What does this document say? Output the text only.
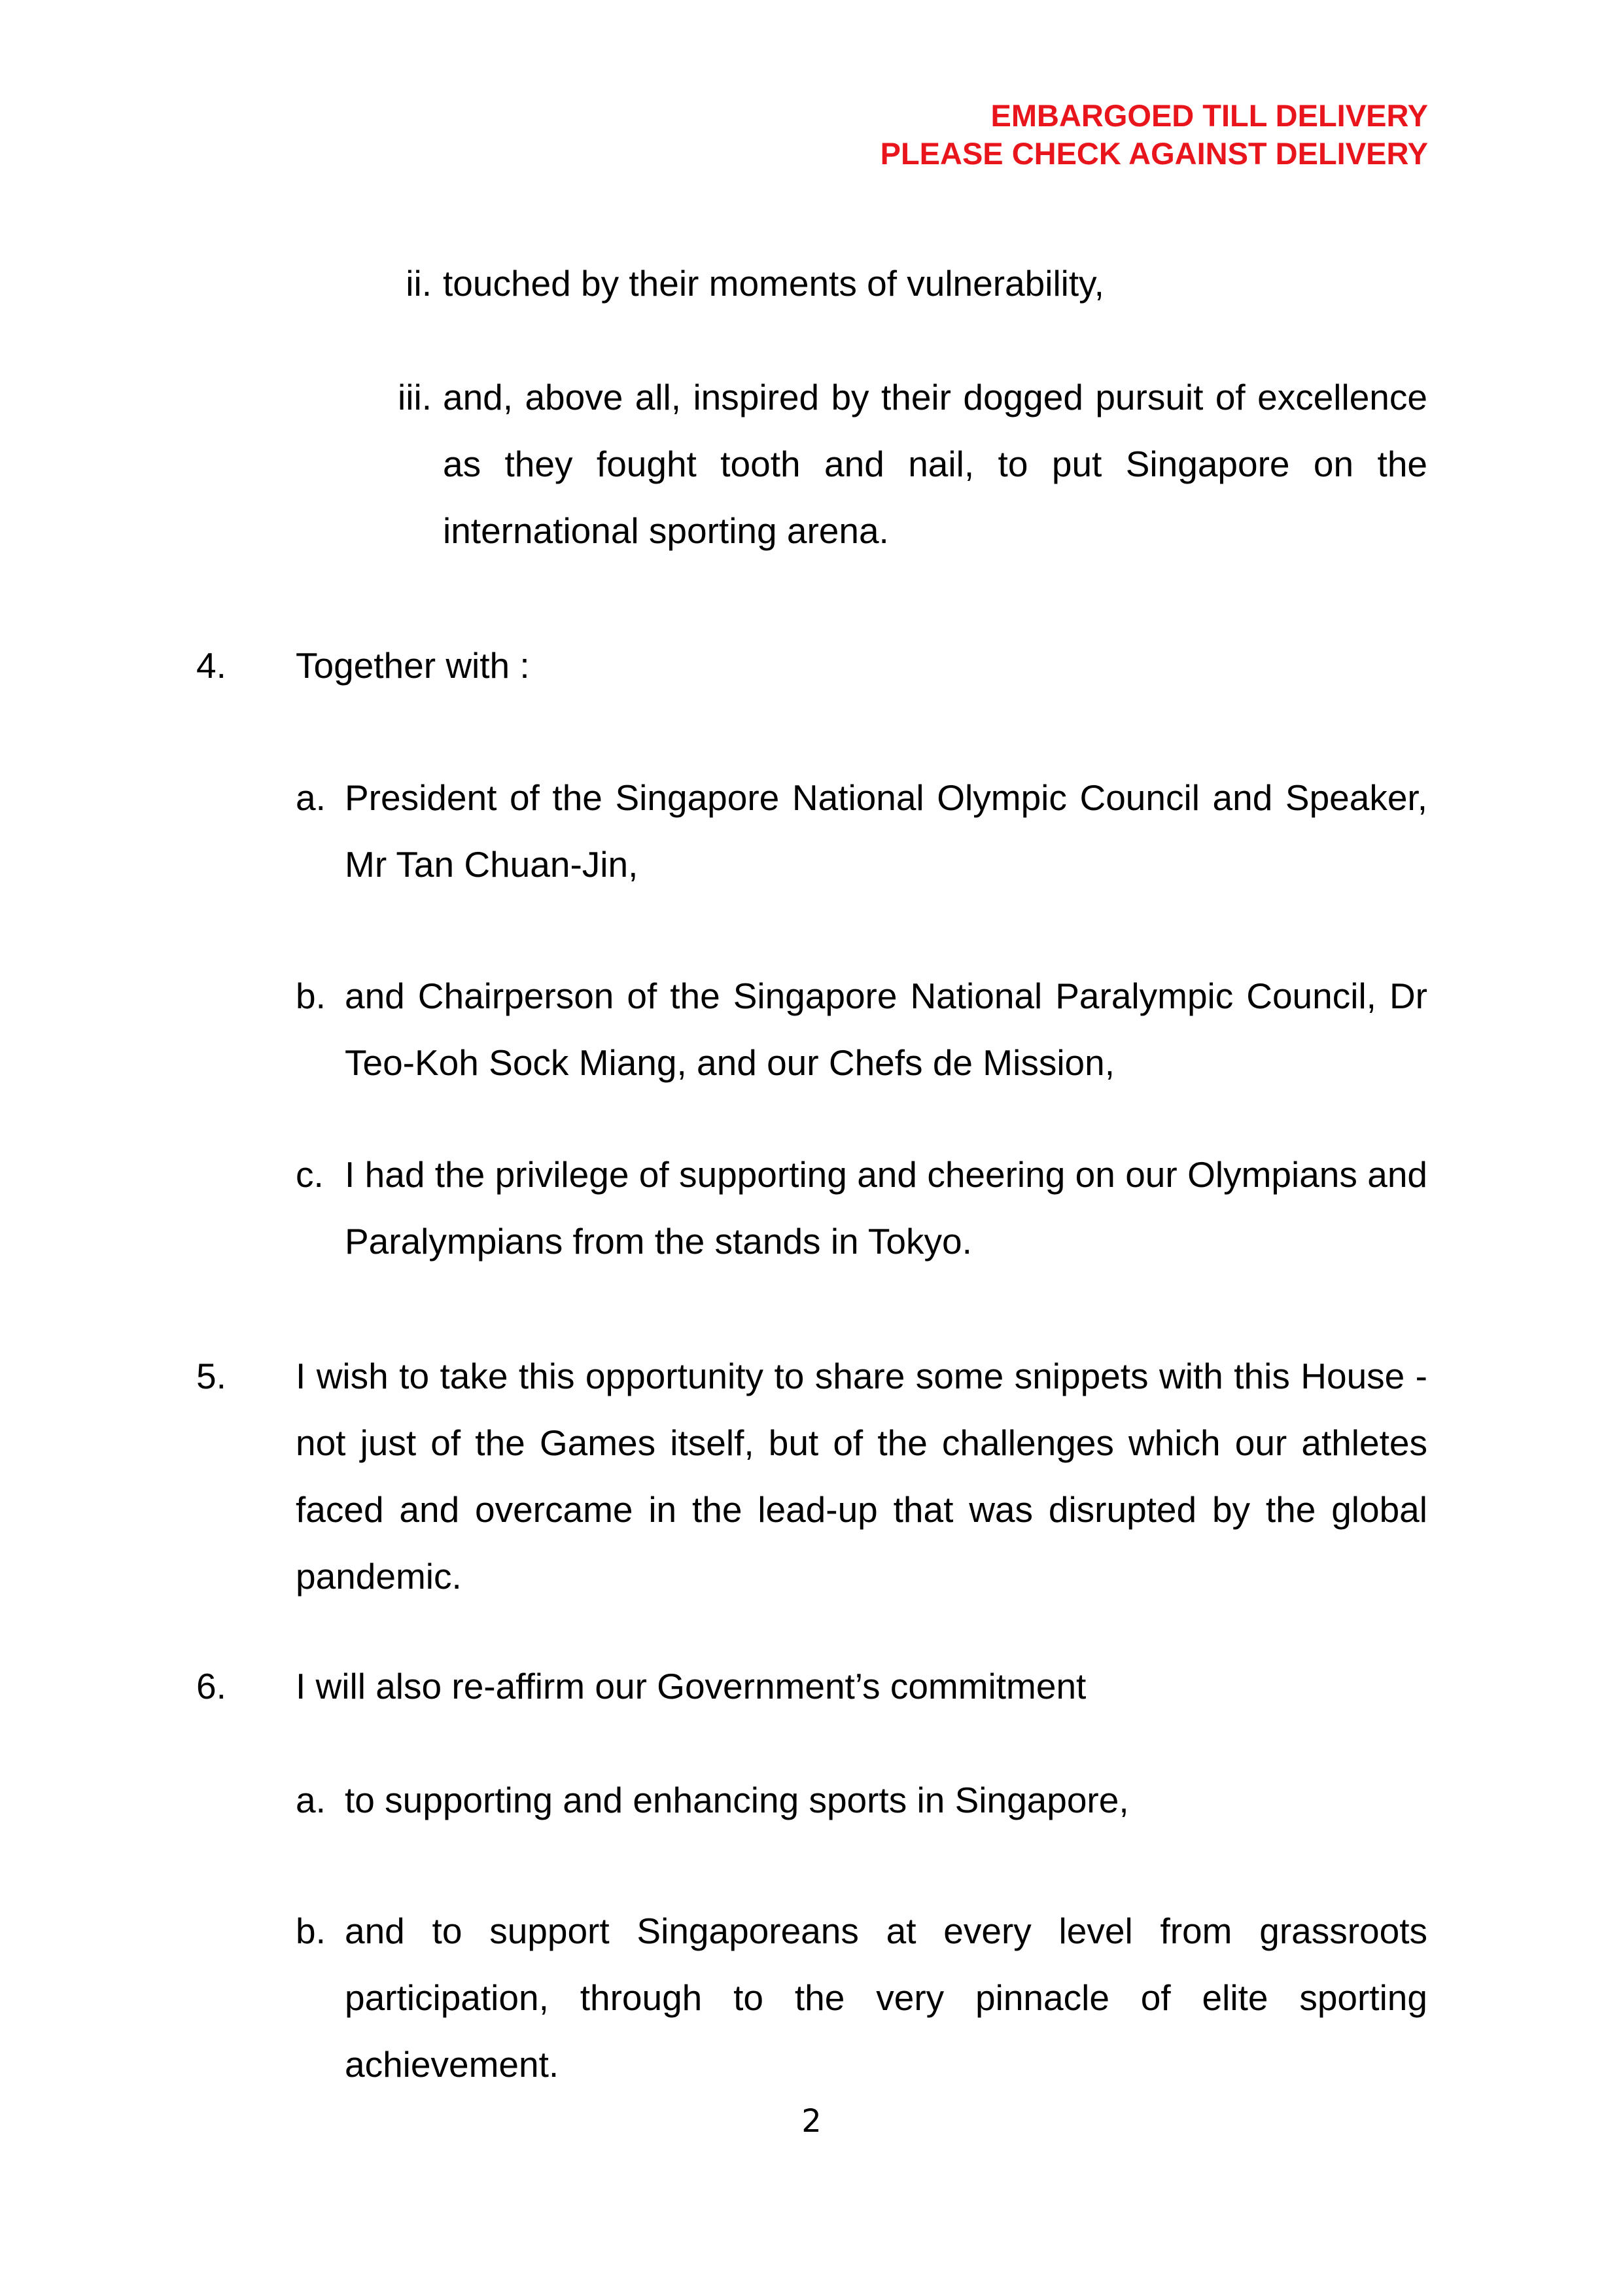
EMBARGOED TILL DELIVERY
PLEASE CHECK AGAINST DELIVERY
ii. touched by their moments of vulnerability,
iii. and, above all, inspired by their dogged pursuit of excellence as they fought tooth and nail, to put Singapore on the international sporting arena.
4. Together with :
a. President of the Singapore National Olympic Council and Speaker, Mr Tan Chuan-Jin,
b. and Chairperson of the Singapore National Paralympic Council, Dr Teo-Koh Sock Miang, and our Chefs de Mission,
c. I had the privilege of supporting and cheering on our Olympians and Paralympians from the stands in Tokyo.
5. I wish to take this opportunity to share some snippets with this House - not just of the Games itself, but of the challenges which our athletes faced and overcame in the lead-up that was disrupted by the global pandemic.
6. I will also re-affirm our Government’s commitment
a. to supporting and enhancing sports in Singapore,
b. and to support Singaporeans at every level from grassroots participation, through to the very pinnacle of elite sporting achievement.
2
